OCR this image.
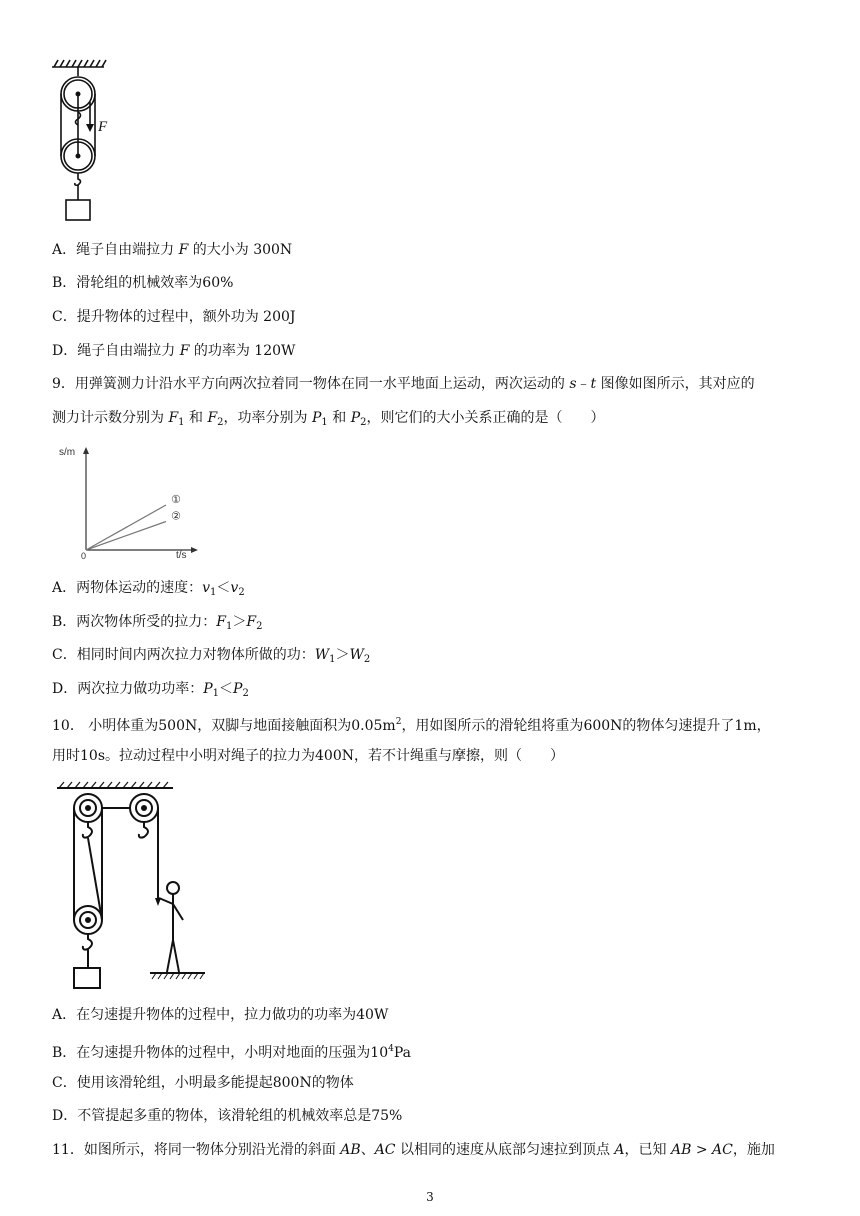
F
A．绳子自由端拉力 F 的大小为 300N
B．滑轮组的机械效率为60%
C．提升物体的过程中，额外功为 200J
D．绳子自由端拉力 F 的功率为 120W
9．用弹簧测力计沿水平方向两次拉着同一物体在同一水平地面上运动，两次运动的 s﹣t 图像如图所示，其对应的
测力计示数分别为 $F_1$ 和 $F_2$，功率分别为 $P_1$ 和 $P_2$，则它们的大小关系正确的是（　　）
s/m
t/s
0
①
②
A．两物体运动的速度：$v_1<v_2$
B．两次物体所受的拉力：$F_1>F_2$
C．相同时间内两次拉力对物体所做的功：$W_1>W_2$
D．两次拉力做功功率：$P_1<P_2$
10． 小明体重为500N，双脚与地面接触面积为$0.05m^2$，用如图所示的滑轮组将重为600N的物体匀速提升了1m，
用时10s。拉动过程中小明对绳子的拉力为400N，若不计绳重与摩擦，则（　　）
A．在匀速提升物体的过程中，拉力做功的功率为40W
B．在匀速提升物体的过程中，小明对地面的压强为$10^4Pa$
C．使用该滑轮组，小明最多能提起800N的物体
D．不管提起多重的物体，该滑轮组的机械效率总是75%
11．如图所示，将同一物体分别沿光滑的斜面 AB、AC 以相同的速度从底部匀速拉到顶点 A，已知 AB > AC，施加
3
